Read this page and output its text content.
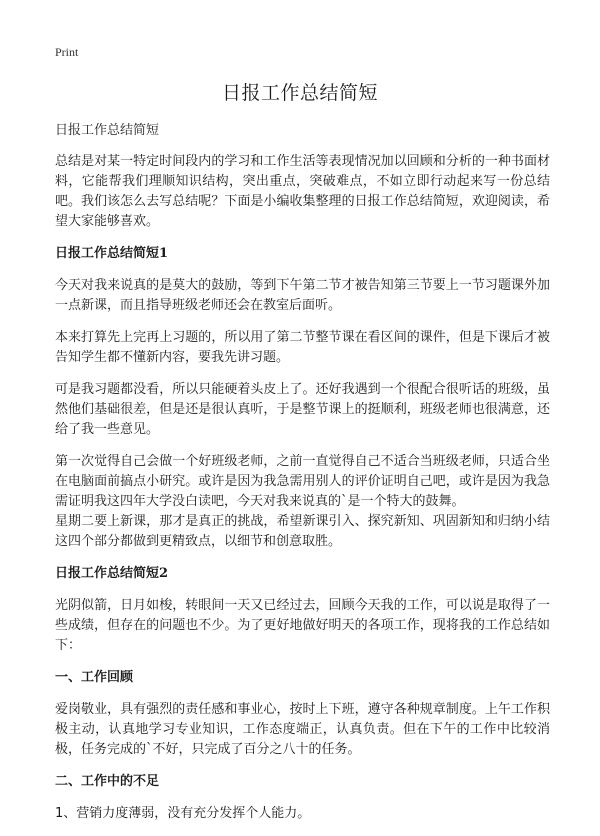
Print
日报工作总结简短
日报工作总结简短

总结是对某一特定时间段内的学习和工作生活等表现情况加以回顾和分析的一种书面材料，它能帮我们理顺知识结构，突出重点，突破难点，不如立即行动起来写一份总结吧。我们该怎么去写总结呢？下面是小编收集整理的日报工作总结简短，欢迎阅读，希望大家能够喜欢。

日报工作总结简短1

今天对我来说真的是莫大的鼓励，等到下午第二节才被告知第三节要上一节习题课外加一点新课，而且指导班级老师还会在教室后面听。

本来打算先上完再上习题的，所以用了第二节整节课在看区间的课件，但是下课后才被告知学生都不懂新内容，要我先讲习题。

可是我习题都没看，所以只能硬着头皮上了。还好我遇到一个很配合很听话的班级，虽然他们基础很差，但是还是很认真听，于是整节课上的挺顺利，班级老师也很满意，还给了我一些意见。

第一次觉得自己会做一个好班级老师，之前一直觉得自己不适合当班级老师，只适合坐在电脑面前搞点小研究。或许是因为我急需用别人的评价证明自己吧，或许是因为我急需证明我这四年大学没白读吧，今天对我来说真的`是一个特大的鼓舞。

星期二要上新课，那才是真正的挑战，希望新课引入、探究新知、巩固新知和归纳小结这四个部分都做到更精致点，以细节和创意取胜。

日报工作总结简短2

光阴似箭，日月如梭，转眼间一天又已经过去，回顾今天我的工作，可以说是取得了一些成绩，但存在的问题也不少。为了更好地做好明天的各项工作，现将我的工作总结如下：

一、工作回顾

爱岗敬业，具有强烈的责任感和事业心，按时上下班，遵守各种规章制度。上午工作积极主动，认真地学习专业知识，工作态度端正，认真负责。但在下午的工作中比较消极，任务完成的`不好，只完成了百分之八十的任务。

二、工作中的不足

1、营销力度薄弱，没有充分发挥个人能力。
